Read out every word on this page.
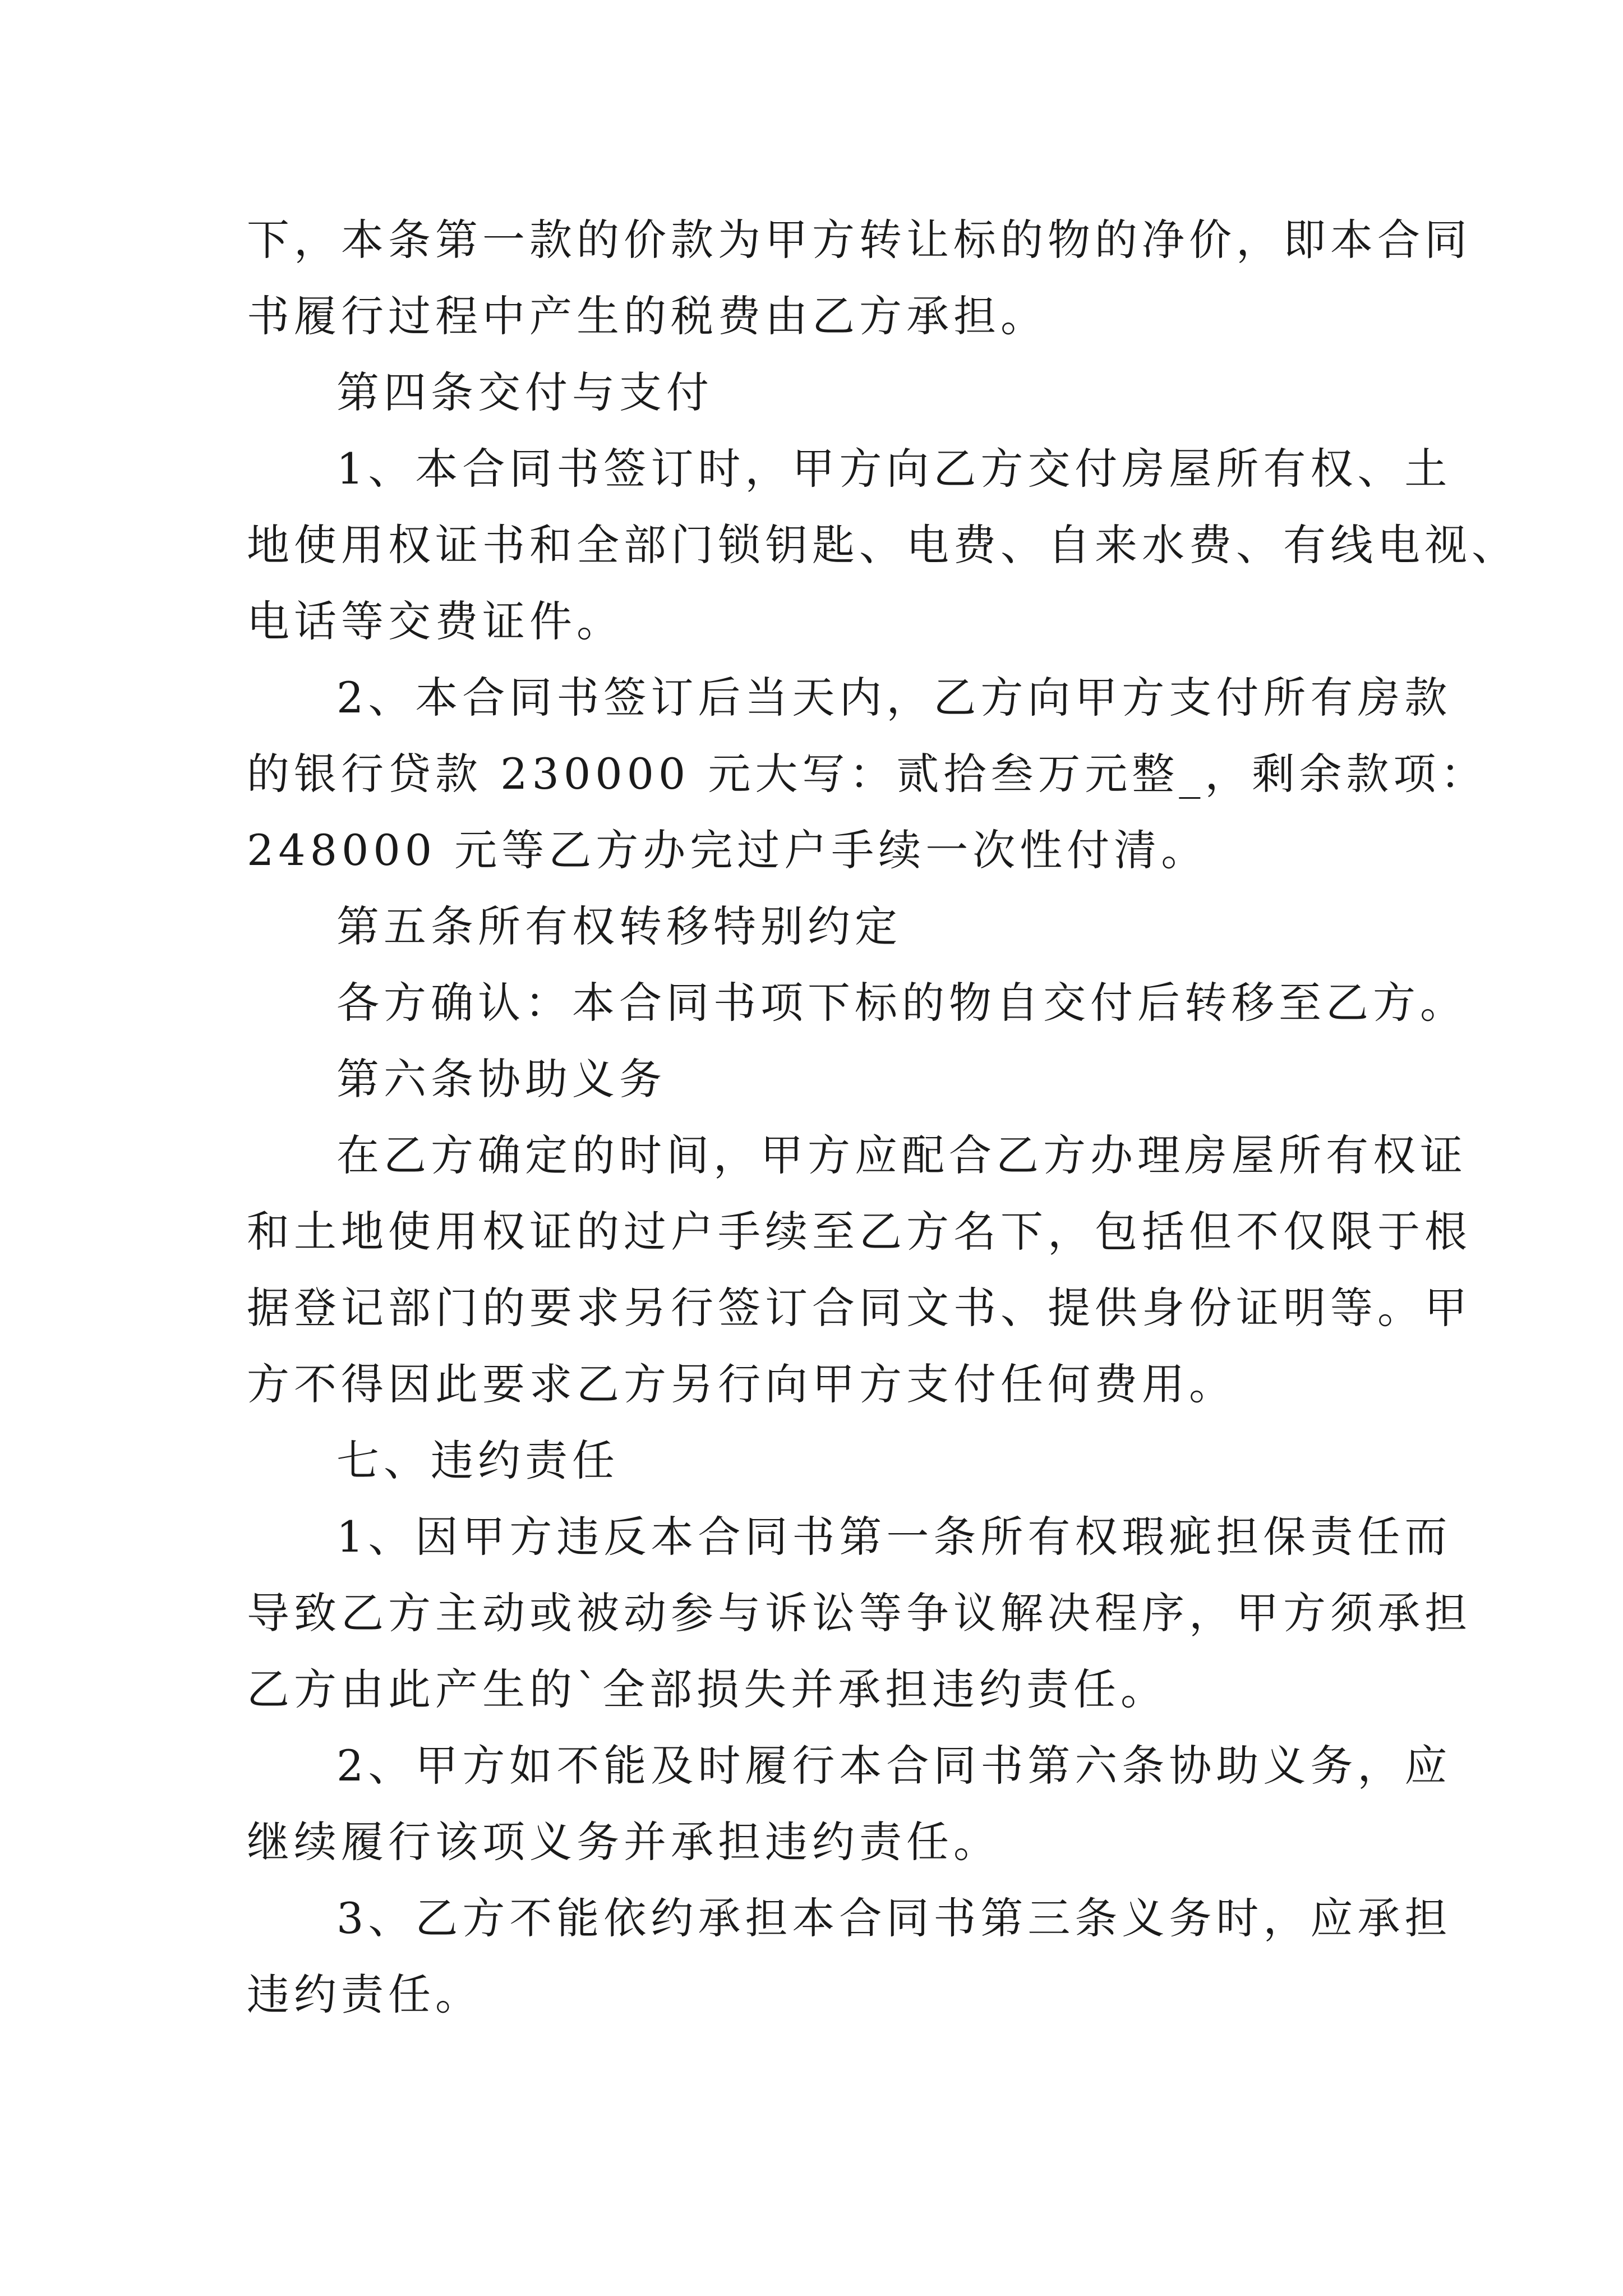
下，本条第一款的价款为甲方转让标的物的净价，即本合同
书履行过程中产生的税费由乙方承担。

第四条交付与支付

1、本合同书签订时，甲方向乙方交付房屋所有权、土
地使用权证书和全部门锁钥匙、电费、自来水费、有线电视、
电话等交费证件。

2、本合同书签订后当天内，乙方向甲方支付所有房款
的银行贷款 230000 元大写：贰拾叁万元整_，剩余款项：
248000 元等乙方办完过户手续一次性付清。

第五条所有权转移特别约定

各方确认：本合同书项下标的物自交付后转移至乙方。

第六条协助义务

在乙方确定的时间，甲方应配合乙方办理房屋所有权证
和土地使用权证的过户手续至乙方名下，包括但不仅限于根
据登记部门的要求另行签订合同文书、提供身份证明等。甲
方不得因此要求乙方另行向甲方支付任何费用。

七、违约责任

1、因甲方违反本合同书第一条所有权瑕疵担保责任而
导致乙方主动或被动参与诉讼等争议解决程序，甲方须承担
乙方由此产生的`全部损失并承担违约责任。

2、甲方如不能及时履行本合同书第六条协助义务，应
继续履行该项义务并承担违约责任。

3、乙方不能依约承担本合同书第三条义务时，应承担
违约责任。
